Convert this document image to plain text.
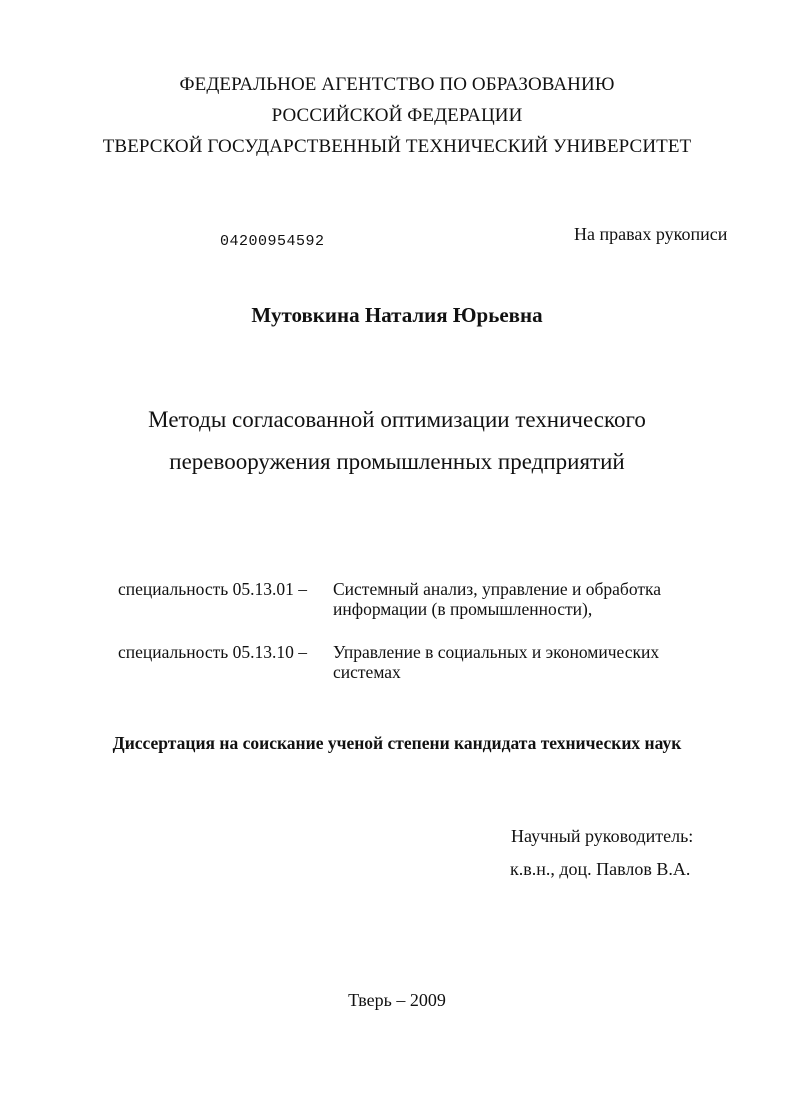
ФЕДЕРАЛЬНОЕ АГЕНТСТВО ПО ОБРАЗОВАНИЮ
РОССИЙСКОЙ ФЕДЕРАЦИИ
ТВЕРСКОЙ ГОСУДАРСТВЕННЫЙ ТЕХНИЧЕСКИЙ УНИВЕРСИТЕТ
04200954592	На правах рукописи
Мутовкина Наталия Юрьевна
Методы согласованной оптимизации технического
перевооружения промышленных предприятий
специальность 05.13.01 – Системный анализ, управление и обработка
информации (в промышленности),
специальность 05.13.10 – Управление в социальных и экономических
системах
Диссертация на соискание ученой степени кандидата технических наук
Научный руководитель:
к.в.н., доц. Павлов В.А.
Тверь – 2009
